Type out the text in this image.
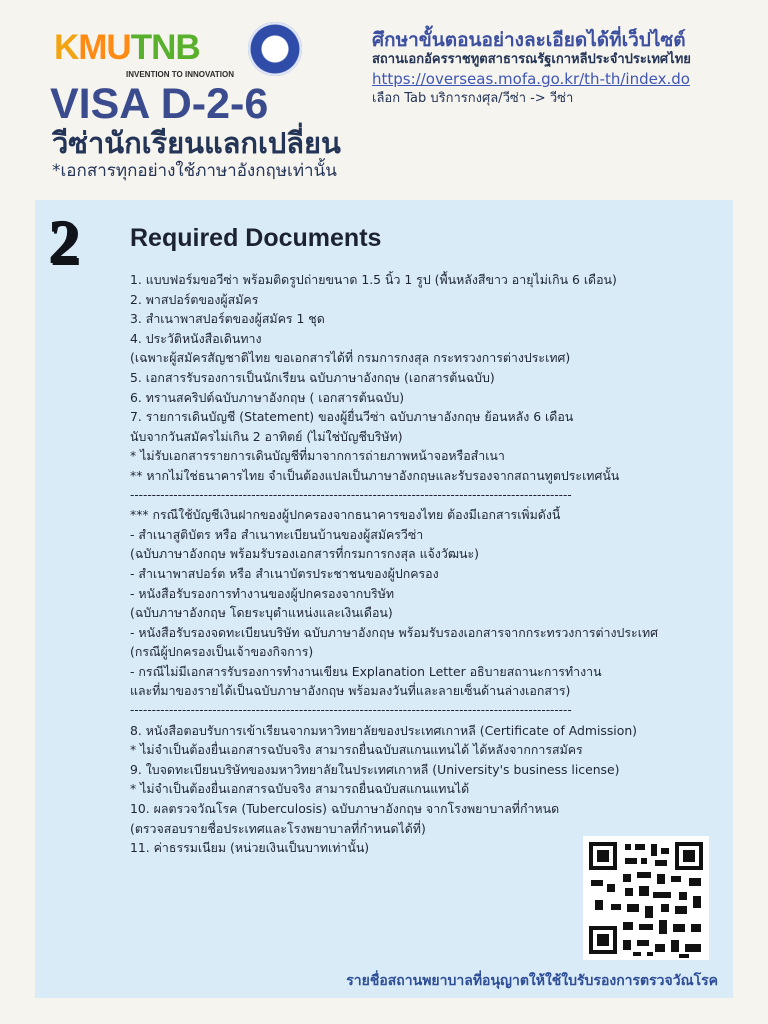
KMUTNB
INVENTION TO INNOVATION
VISA D-2-6
วีซ่านักเรียนแลกเปลี่ยน
*เอกสารทุกอย่างใช้ภาษาอังกฤษเท่านั้น
ศึกษาขั้นตอนอย่างละเอียดได้ที่เว็ปไซต์
สถานเอกอัครราชทูตสาธารณรัฐเกาหลีประจำประเทศไทย
https://overseas.mofa.go.kr/th-th/index.do
เลือก Tab บริการกงศุล/วีซ่า -> วีซ่า
2	Required Documents
1. แบบฟอร์มขอวีซ่า พร้อมติดรูปถ่ายขนาด 1.5 นิ้ว 1 รูป (พื้นหลังสีขาว อายุไม่เกิน 6 เดือน)
2. พาสปอร์ตของผู้สมัคร
3. สำเนาพาสปอร์ตของผู้สมัคร 1 ชุด
4. ประวัติหนังสือเดินทาง
(เฉพาะผู้สมัครสัญชาติไทย ขอเอกสารได้ที่ กรมการกงสุล กระทรวงการต่างประเทศ)
5. เอกสารรับรองการเป็นนักเรียน ฉบับภาษาอังกฤษ (เอกสารต้นฉบับ)
6. ทรานสคริปต์ฉบับภาษาอังกฤษ ( เอกสารต้นฉบับ)
7. รายการเดินบัญชี (Statement) ของผู้ยื่นวีซ่า ฉบับภาษาอังกฤษ ย้อนหลัง 6 เดือน
นับจากวันสมัครไม่เกิน 2 อาทิตย์ (ไม่ใช่บัญชีบริษัท)
* ไม่รับเอกสารรายการเดินบัญชีที่มาจากการถ่ายภาพหน้าจอหรือสำเนา
** หากไม่ใช่ธนาคารไทย จำเป็นต้องแปลเป็นภาษาอังกฤษและรับรองจากสถานทูตประเทศนั้น
------------------------------------------------------------------------------------------------------
*** กรณีใช้บัญชีเงินฝากของผู้ปกครองจากธนาคารของไทย ต้องมีเอกสารเพิ่มดังนี้
- สำเนาสูติบัตร หรือ สำเนาทะเบียนบ้านของผู้สมัครวีซ่า
(ฉบับภาษาอังกฤษ พร้อมรับรองเอกสารที่กรมการกงสุล แจ้งวัฒนะ)
- สำเนาพาสปอร์ต หรือ สำเนาบัตรประชาชนของผู้ปกครอง
- หนังสือรับรองการทำงานของผู้ปกครองจากบริษัท
(ฉบับภาษาอังกฤษ โดยระบุตำแหน่งและเงินเดือน)
- หนังสือรับรองจดทะเบียนบริษัท ฉบับภาษาอังกฤษ พร้อมรับรองเอกสารจากกระทรวงการต่างประเทศ
(กรณีผู้ปกครองเป็นเจ้าของกิจการ)
- กรณีไม่มีเอกสารรับรองการทำงานเขียน Explanation Letter อธิบายสถานะการทำงาน
และที่มาของรายได้เป็นฉบับภาษาอังกฤษ พร้อมลงวันที่และลายเซ็นด้านล่างเอกสาร)
------------------------------------------------------------------------------------------------------
8. หนังสือตอบรับการเข้าเรียนจากมหาวิทยาลัยของประเทศเกาหลี (Certificate of Admission)
* ไม่จำเป็นต้องยื่นเอกสารฉบับจริง สามารถยื่นฉบับสแกนแทนได้ ได้หลังจากการสมัคร
9. ใบจดทะเบียนบริษัทของมหาวิทยาลัยในประเทศเกาหลี (University's business license)
* ไม่จำเป็นต้องยื่นเอกสารฉบับจริง สามารถยื่นฉบับสแกนแทนได้
10. ผลตรวจวัณโรค (Tuberculosis) ฉบับภาษาอังกฤษ จากโรงพยาบาลที่กำหนด
(ตรวจสอบรายชื่อประเทศและโรงพยาบาลที่กำหนดได้ที่)
11. ค่าธรรมเนียม (หน่วยเงินเป็นบาทเท่านั้น)
รายชื่อสถานพยาบาลที่อนุญาตให้ใช้ใบรับรองการตรวจวัณโรค
